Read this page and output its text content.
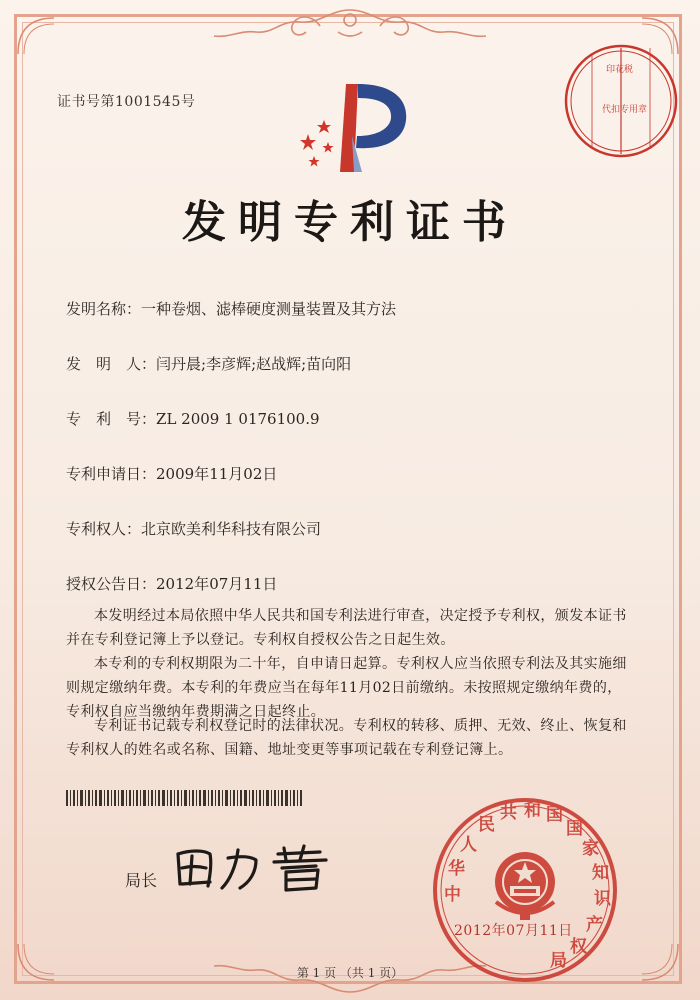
证书号第1001545号
印花税
代扣专用章
发明专利证书
发明名称：一种卷烟、滤棒硬度测量装置及其方法
发　明　人：闫丹晨;李彦辉;赵战辉;苗向阳
专　利　号：ZL 2009 1 0176100.9
专利申请日：2009年11月02日
专利权人：北京欧美利华科技有限公司
授权公告日：2012年07月11日
本发明经过本局依照中华人民共和国专利法进行审查，决定授予专利权，颁发本证书并在专利登记簿上予以登记。专利权自授权公告之日起生效。
本专利的专利权期限为二十年，自申请日起算。专利权人应当依照专利法及其实施细则规定缴纳年费。本专利的年费应当在每年11月02日前缴纳。未按照规定缴纳年费的，专利权自应当缴纳年费期满之日起终止。
专利证书记载专利权登记时的法律状况。专利权的转移、质押、无效、终止、恢复和专利权人的姓名或名称、国籍、地址变更等事项记载在专利登记簿上。
局长
中
华
人
民
共 和 国
国
家
知
识
产
权
局
2012年07月11日
第 1 页 （共 1 页）
